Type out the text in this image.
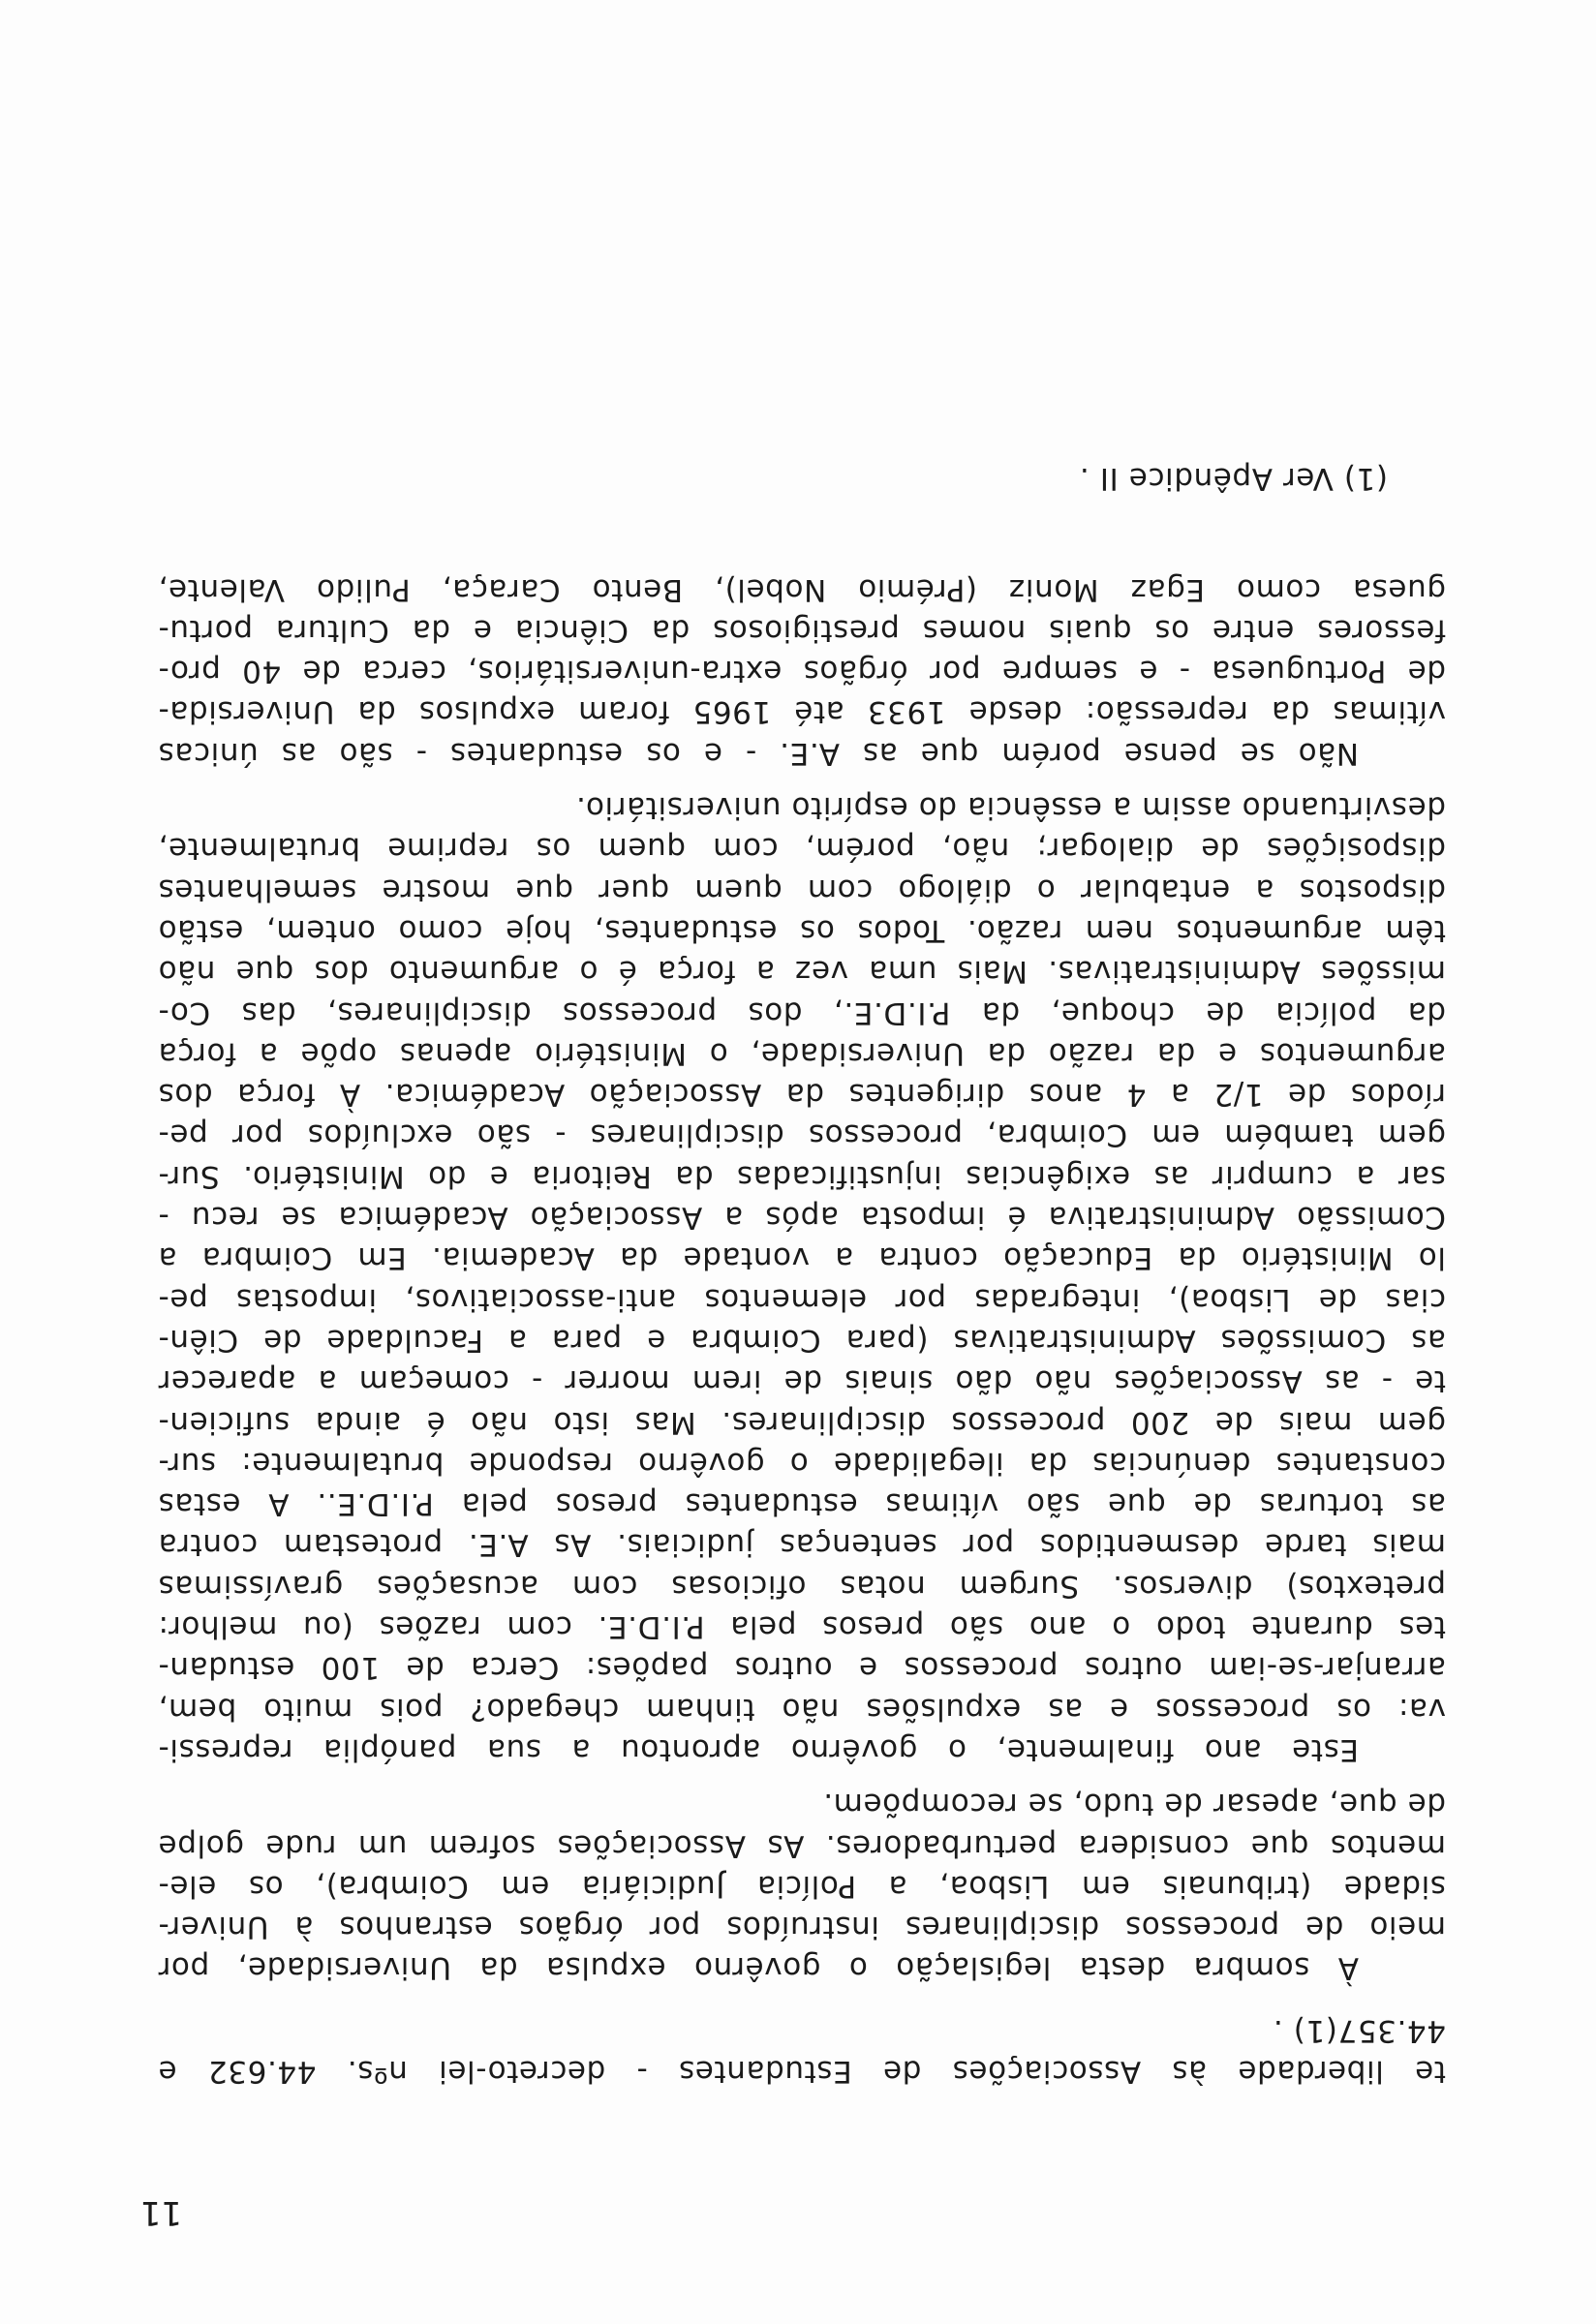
11
te liberdade às Associações de Estudantes - decreto-lei nºs. 44.632 e
44.357(1) .
À sombra desta legislação o govêrno expulsa da Universidade, por
meio de processos disciplinares instruídos por órgãos estranhos à Univer-
sidade (tribunais em Lisboa, a Polícia Judiciária em Coimbra), os ele-
mentos que considera perturbadores. As Associações sofrem um rude golpe
de que, apesar de tudo, se recompõem.
Este ano finalmente, o govêrno aprontou a sua panóplia repressi-
va: os processos e as expulsões não tinham chegado? pois muito bem,
arranjar-se-iam outros processos e outros papões: Cerca de 100 estudan-
tes durante todo o ano são presos pela P.I.D.E. com razões (ou melhor:
pretextos) diversos. Surgem notas oficiosas com acusações gravíssimas
mais tarde desmentidos por sentenças judiciais. As A.E. protestam contra
as torturas de que são vítimas estudantes presos pela P.I.D.E.. A estas
constantes denúncias da ilegalidade o govêrno responde brutalmente: sur-
gem mais de 200 processos disciplinares. Mas isto não é ainda suficien-
te - as Associações não dão sinais de irem morrer - começam a aparecer
as Comissões Administrativas (para Coimbra e para a Faculdade de Ciên-
cias de Lisboa), integradas por elementos anti-associativos, impostas pe-
lo Ministério da Educação contra a vontade da Academia. Em Coimbra a
Comissão Administrativa é imposta após a Associação Académica se recu -
sar a cumprir as exigências injustificadas da Reitoria e do Ministério. Sur-
gem também em Coimbra, processos disciplinares - são excluídos por pe-
ríodos de 1/2 a 4 anos dirigentes da Associação Académica. À força dos
argumentos e da razão da Universidade, o Ministério apenas opõe a força
da polícia de choque, da P.I.D.E., dos processos disciplinares, das Co-
missões Administrativas. Mais uma vez a força é o argumento dos que não
têm argumentos nem razão. Todos os estudantes, hoje como ontem, estão
dispostos a entabular o diálogo com quem quer que mostre semelhantes
disposições de dialogar; não, porém, com quem os reprime brutalmente,
desvirtuando assim a essência do espírito universitário.
Não se pense porém que as A.E. - e os estudantes - são as únicas
vítimas da repressão: desde 1933 até 1965 foram expulsos da Universida-
de Portuguesa - e sempre por órgãos extra-universitários, cerca de 40 pro-
fessores entre os quais nomes prestigiosos da Ciência e da Cultura portu-
guesa como Egaz Moniz (Prémio Nobel), Bento Caraça, Pulido Valente,
(1) Ver Apêndice II .
